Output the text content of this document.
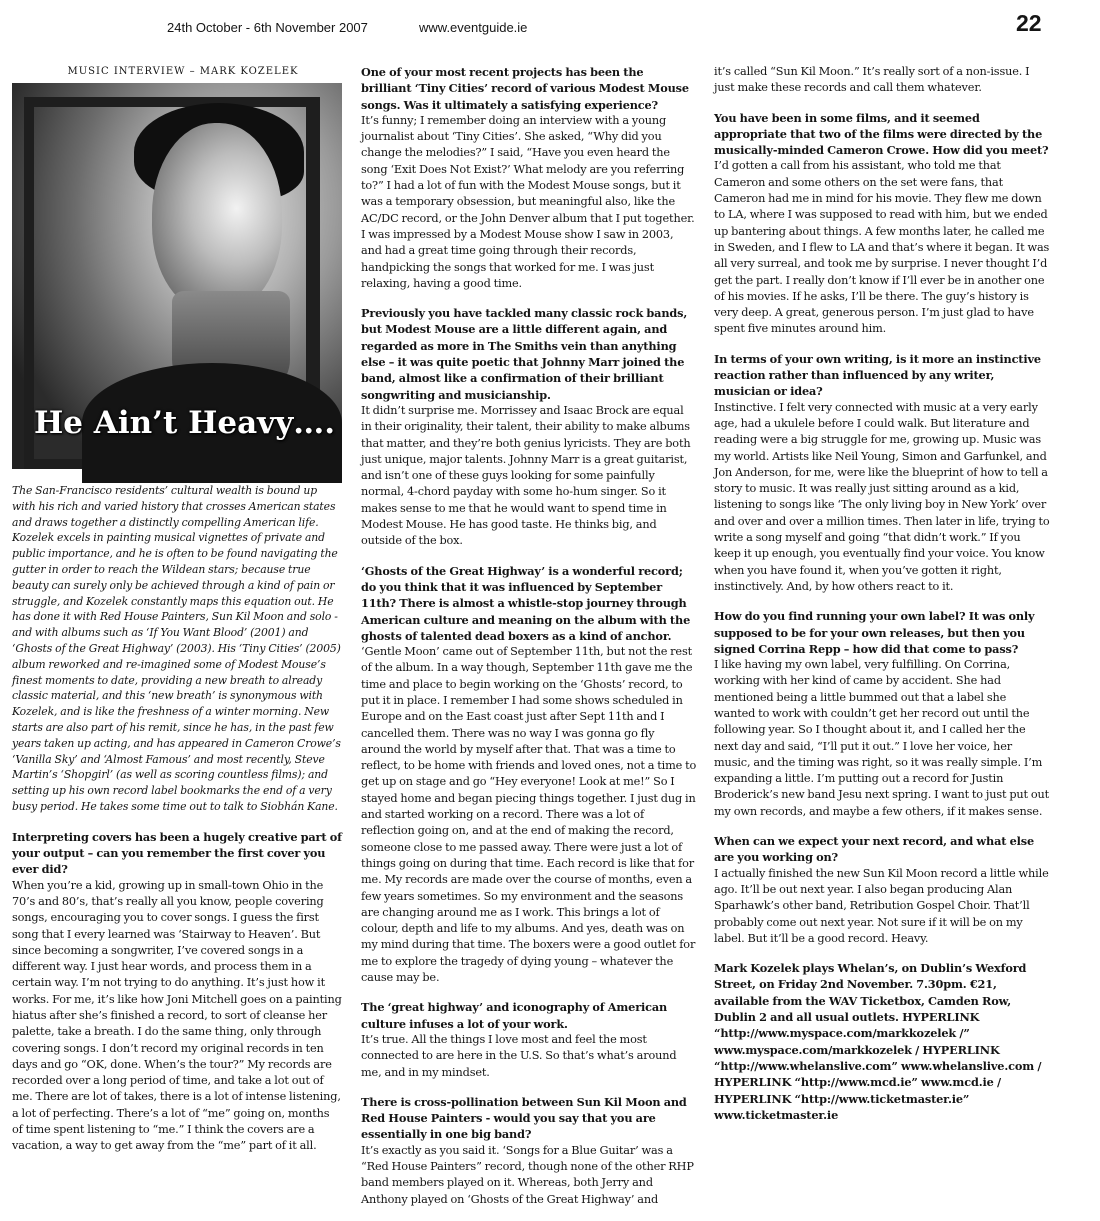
24th October - 6th November 2007	www.eventguide.ie	22
MUSIC INTERVIEW – MARK KOZELEK
He Ain’t Heavy….

The San-Francisco residents’ cultural wealth is bound up with his rich and varied history that crosses American states and draws together a distinctly compelling American life. Kozelek excels in painting musical vignettes of private and public importance, and he is often to be found navigating the gutter in order to reach the Wildean stars; because true beauty can surely only be achieved through a kind of pain or struggle, and Kozelek constantly maps this equation out. He has done it with Red House Painters, Sun Kil Moon and solo - and with albums such as ‘If You Want Blood’ (2001) and ‘Ghosts of the Great Highway’ (2003). His ‘Tiny Cities’ (2005) album reworked and re-imagined some of Modest Mouse’s finest moments to date, providing a new breath to already classic material, and this ‘new breath’ is synonymous with Kozelek, and is like the freshness of a winter morning. New starts are also part of his remit, since he has, in the past few years taken up acting, and has appeared in Cameron Crowe’s ‘Vanilla Sky’ and ‘Almost Famous’ and most recently, Steve Martin’s ‘Shopgirl’ (as well as scoring countless films); and setting up his own record label bookmarks the end of a very busy period. He takes some time out to talk to Siobhán Kane.

Interpreting covers has been a hugely creative part of your output – can you remember the first cover you ever did?
When you’re a kid, growing up in small-town Ohio in the 70’s and 80’s, that’s really all you know, people covering songs, encouraging you to cover songs. I guess the first song that I every learned was ‘Stairway to Heaven’. But since becoming a songwriter, I’ve covered songs in a different way. I just hear words, and process them in a certain way. I’m not trying to do anything. It’s just how it works. For me, it’s like how Joni Mitchell goes on a painting hiatus after she’s finished a record, to sort of cleanse her palette, take a breath. I do the same thing, only through covering songs. I don’t record my original records in ten days and go “OK, done. When’s the tour?” My records are recorded over a long period of time, and take a lot out of me. There are lot of takes, there is a lot of intense listening, a lot of perfecting. There’s a lot of “me” going on, months of time spent listening to “me.” I think the covers are a vacation, a way to get away from the “me” part of it all.
One of your most recent projects has been the brilliant ‘Tiny Cities’ record of various Modest Mouse songs. Was it ultimately a satisfying experience?
It’s funny; I remember doing an interview with a young journalist about ‘Tiny Cities’. She asked, “Why did you change the melodies?” I said, “Have you even heard the song ‘Exit Does Not Exist?’ What melody are you referring to?” I had a lot of fun with the Modest Mouse songs, but it was a temporary obsession, but meaningful also, like the AC/DC record, or the John Denver album that I put together. I was impressed by a Modest Mouse show I saw in 2003, and had a great time going through their records, handpicking the songs that worked for me. I was just relaxing, having a good time.
Previously you have tackled many classic rock bands, but Modest Mouse are a little different again, and regarded as more in The Smiths vein than anything else – it was quite poetic that Johnny Marr joined the band, almost like a confirmation of their brilliant songwriting and musicianship.
It didn’t surprise me. Morrissey and Isaac Brock are equal in their originality, their talent, their ability to make albums that matter, and they’re both genius lyricists. They are both just unique, major talents. Johnny Marr is a great guitarist, and isn’t one of these guys looking for some painfully normal, 4-chord payday with some ho-hum singer. So it makes sense to me that he would want to spend time in Modest Mouse. He has good taste. He thinks big, and outside of the box.
‘Ghosts of the Great Highway’ is a wonderful record; do you think that it was influenced by September 11th? There is almost a whistle-stop journey through American culture and meaning on the album with the ghosts of talented dead boxers as a kind of anchor.
‘Gentle Moon’ came out of September 11th, but not the rest of the album. In a way though, September 11th gave me the time and place to begin working on the ‘Ghosts’ record, to put it in place. I remember I had some shows scheduled in Europe and on the East coast just after Sept 11th and I cancelled them. There was no way I was gonna go fly around the world by myself after that. That was a time to reflect, to be home with friends and loved ones, not a time to get up on stage and go “Hey everyone! Look at me!” So I stayed home and began piecing things together. I just dug in and started working on a record. There was a lot of reflection going on, and at the end of making the record, someone close to me passed away. There were just a lot of things going on during that time. Each record is like that for me. My records are made over the course of months, even a few years sometimes. So my environment and the seasons are changing around me as I work. This brings a lot of colour, depth and life to my albums. And yes, death was on my mind during that time. The boxers were a good outlet for me to explore the tragedy of dying young – whatever the cause may be.
The ‘great highway’ and iconography of American culture infuses a lot of your work.
It’s true. All the things I love most and feel the most connected to are here in the U.S. So that’s what’s around me, and in my mindset.
There is cross-pollination between Sun Kil Moon and Red House Painters - would you say that you are essentially in one big band?
It’s exactly as you said it. ‘Songs for a Blue Guitar’ was a “Red House Painters” record, though none of the other RHP band members played on it. Whereas, both Jerry and Anthony played on ‘Ghosts of the Great Highway’ and
it’s called “Sun Kil Moon.” It’s really sort of a non-issue. I just make these records and call them whatever.
You have been in some films, and it seemed appropriate that two of the films were directed by the musically-minded Cameron Crowe. How did you meet?
I’d gotten a call from his assistant, who told me that Cameron and some others on the set were fans, that Cameron had me in mind for his movie. They flew me down to LA, where I was supposed to read with him, but we ended up bantering about things. A few months later, he called me in Sweden, and I flew to LA and that’s where it began. It was all very surreal, and took me by surprise. I never thought I’d get the part. I really don’t know if I’ll ever be in another one of his movies. If he asks, I’ll be there. The guy’s history is very deep. A great, generous person. I’m just glad to have spent five minutes around him.
In terms of your own writing, is it more an instinctive reaction rather than influenced by any writer, musician or idea?
Instinctive. I felt very connected with music at a very early age, had a ukulele before I could walk. But literature and reading were a big struggle for me, growing up. Music was my world. Artists like Neil Young, Simon and Garfunkel, and Jon Anderson, for me, were like the blueprint of how to tell a story to music. It was really just sitting around as a kid, listening to songs like ‘The only living boy in New York’ over and over and over a million times. Then later in life, trying to write a song myself and going “that didn’t work.” If you keep it up enough, you eventually find your voice. You know when you have found it, when you’ve gotten it right, instinctively. And, by how others react to it.
How do you find running your own label? It was only supposed to be for your own releases, but then you signed Corrina Repp – how did that come to pass?
I like having my own label, very fulfilling. On Corrina, working with her kind of came by accident. She had mentioned being a little bummed out that a label she wanted to work with couldn’t get her record out until the following year. So I thought about it, and I called her the next day and said, “I’ll put it out.” I love her voice, her music, and the timing was right, so it was really simple. I’m expanding a little. I’m putting out a record for Justin Broderick’s new band Jesu next spring. I want to just put out my own records, and maybe a few others, if it makes sense.
When can we expect your next record, and what else are you working on?
I actually finished the new Sun Kil Moon record a little while ago. It’ll be out next year. I also began producing Alan Sparhawk’s other band, Retribution Gospel Choir. That’ll probably come out next year. Not sure if it will be on my label. But it’ll be a good record. Heavy.
Mark Kozelek plays Whelan’s, on Dublin’s Wexford Street, on Friday 2nd November. 7.30pm. €21, available from the WAV Ticketbox, Camden Row, Dublin 2 and all usual outlets. HYPERLINK “http://www.myspace.com/markkozelek /” www.myspace.com/markkozelek / HYPERLINK “http://www.whelanslive.com” www.whelanslive.com / HYPERLINK “http://www.mcd.ie” www.mcd.ie / HYPERLINK “http://www.ticketmaster.ie” www.ticketmaster.ie
